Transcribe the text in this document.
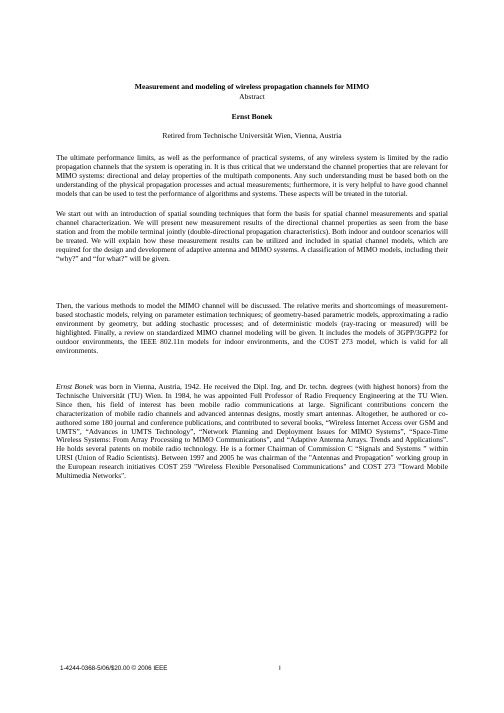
Measurement and modeling of wireless propagation channels for MIMO
Abstract
Ernst Bonek
Retired from Technische Universität Wien, Vienna, Austria

The ultimate performance limits, as well as the performance of practical systems, of any wireless system is limited by the radio propagation channels that the system is operating in. It is thus critical that we understand the channel properties that are relevant for MIMO systems: directional and delay properties of the multipath components. Any such understanding must be based both on the understanding of the physical propagation processes and actual measurements; furthermore, it is very helpful to have good channel models that can be used to test the performance of algorithms and systems. These aspects will be treated in the tutorial.

We start out with an introduction of spatial sounding techniques that form the basis for spatial channel measurements and spatial channel characterization. We will present new measurement results of the directional channel properties as seen from the base station and from the mobile terminal jointly (double-directional propagation characteristics). Both indoor and outdoor scenarios will be treated. We will explain how these measurement results can be utilized and included in spatial channel models, which are required for the design and development of adaptive antenna and MIMO systems. A classification of MIMO models, including their “why?” and “for what?” will be given.

Then, the various methods to model the MIMO channel will be discussed. The relative merits and shortcomings of measurement-based stochastic models, relying on parameter estimation techniques; of geometry-based parametric models, approximating a radio environment by geometry, but adding stochastic processes; and of deterministic models (ray-tracing or measured) will be highlighted. Finally, a review on standardized MIMO channel modeling will be given. It includes the models of 3GPP/3GPP2 for outdoor environments, the IEEE 802.11n models for indoor environments, and the COST 273 model, which is valid for all environments.

Ernst Bonek was born in Vienna, Austria, 1942. He received the Dipl. Ing. and Dr. techn. degrees (with highest honors) from the Technische Universität (TU) Wien. In 1984, he was appointed Full Professor of Radio Frequency Engineering at the TU Wien. Since then, his field of interest has been mobile radio communications at large. Significant contributions concern the characterization of mobile radio channels and advanced antennas designs, mostly smart antennas. Altogether, he authored or co-authored some 180 journal and conference publications, and contributed to several books, “Wireless Internet Access over GSM and UMTS”, “Advances in UMTS Technology”, “Network Planning and Deployment Issues for MIMO Systems”, “Space-Time Wireless Systems: From Array Processing to MIMO Communications”, and “Adaptive Antenna Arrays. Trends and Applications”. He holds several patents on mobile radio technology. He is a former Chairman of Commission C “Signals and Systems ” within URSI (Union of Radio Scientists). Between 1997 and 2005 he was chairman of the "Antennas and Propagation" working group in the European research initiatives COST 259 "Wireless Flexible Personalised Communications" and COST 273 "Toward Mobile Multimedia Networks".

1-4244-0368-5/06/$20.00 © 2006 IEEE	I
